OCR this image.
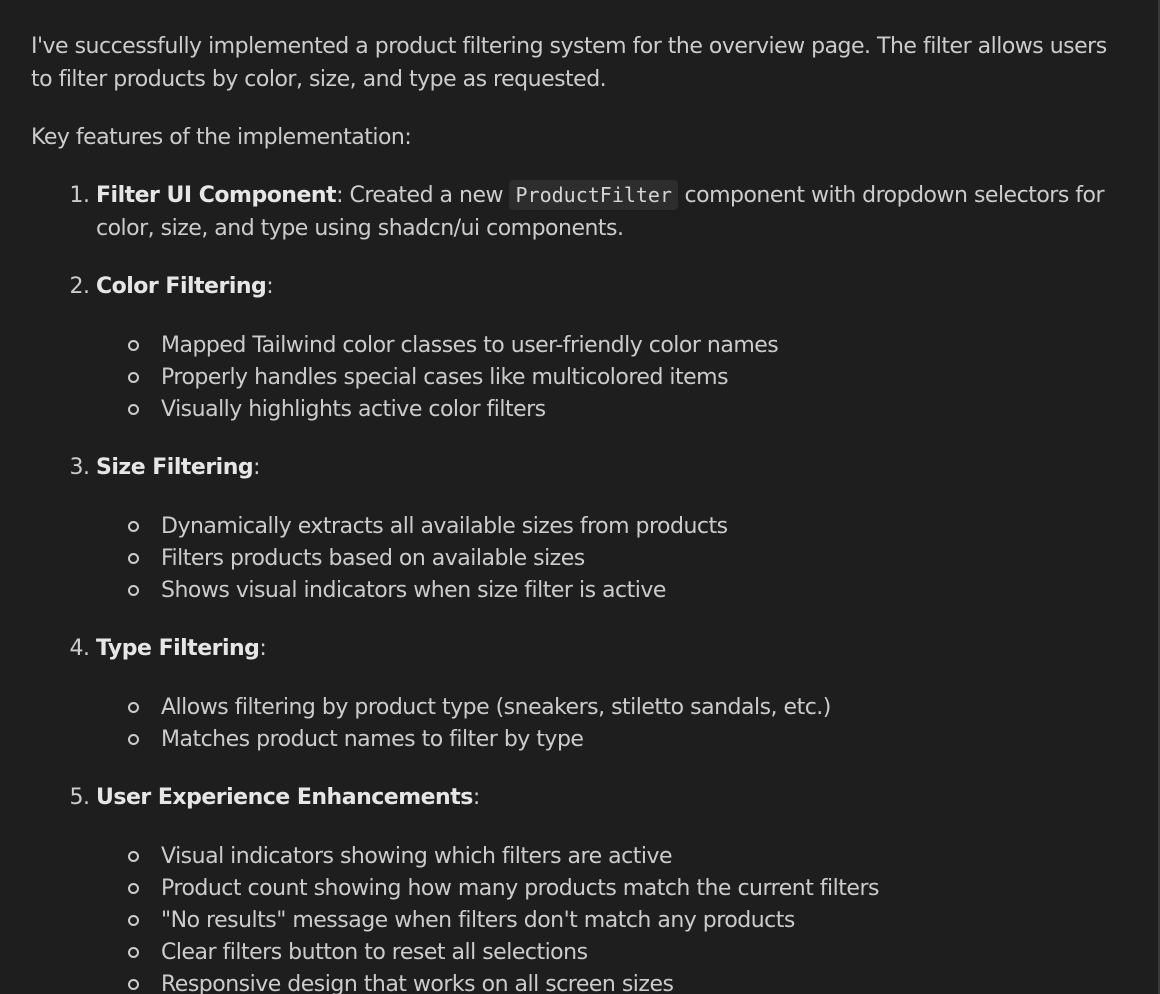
I've successfully implemented a product filtering system for the overview page. The filter allows users to filter products by color, size, and type as requested.

Key features of the implementation:

1. Filter UI Component: Created a new ProductFilter component with dropdown selectors for color, size, and type using shadcn/ui components.
2. Color Filtering:
Mapped Tailwind color classes to user-friendly color names
Properly handles special cases like multicolored items
Visually highlights active color filters
3. Size Filtering:
Dynamically extracts all available sizes from products
Filters products based on available sizes
Shows visual indicators when size filter is active
4. Type Filtering:
Allows filtering by product type (sneakers, stiletto sandals, etc.)
Matches product names to filter by type
5. User Experience Enhancements:
Visual indicators showing which filters are active
Product count showing how many products match the current filters
"No results" message when filters don't match any products
Clear filters button to reset all selections
Responsive design that works on all screen sizes
